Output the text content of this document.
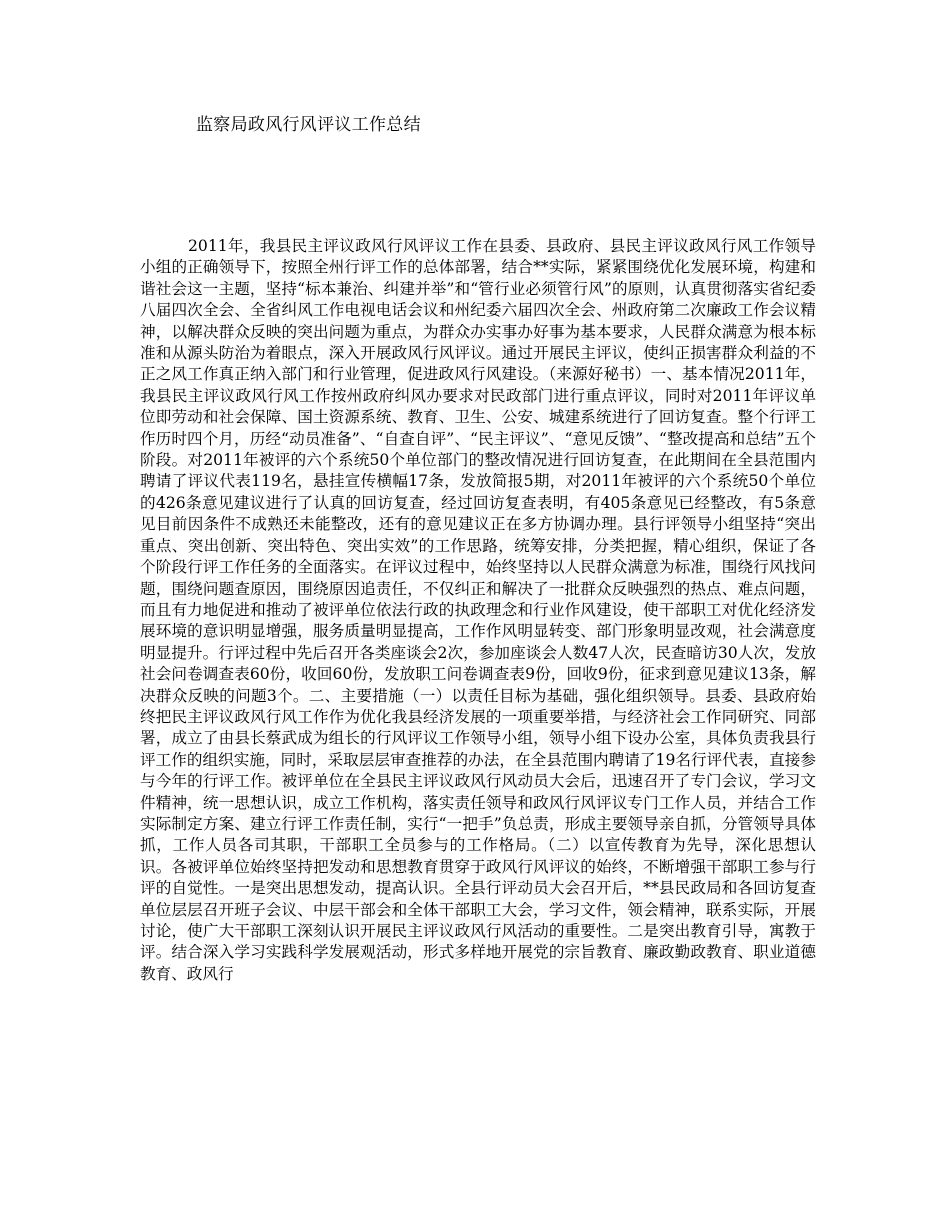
监察局政风行风评议工作总结

2011年，我县民主评议政风行风评议工作在县委、县政府、县民主评议政风行风工作领导小组的正确领导下，按照全州行评工作的总体部署，结合**实际，紧紧围绕优化发展环境，构建和谐社会这一主题，坚持“标本兼治、纠建并举”和“管行业必须管行风”的原则，认真贯彻落实省纪委八届四次全会、全省纠风工作电视电话会议和州纪委六届四次全会、州政府第二次廉政工作会议精神，以解决群众反映的突出问题为重点，为群众办实事办好事为基本要求，人民群众满意为根本标准和从源头防治为着眼点，深入开展政风行风评议。通过开展民主评议，使纠正损害群众利益的不正之风工作真正纳入部门和行业管理，促进政风行风建设。（来源好秘书）一、基本情况2011年，我县民主评议政风行风工作按州政府纠风办要求对民政部门进行重点评议，同时对2011年评议单位即劳动和社会保障、国土资源系统、教育、卫生、公安、城建系统进行了回访复查。整个行评工作历时四个月，历经“动员准备”、“自查自评”、“民主评议”、“意见反馈”、“整改提高和总结”五个阶段。对2011年被评的六个系统50个单位部门的整改情况进行回访复查，在此期间在全县范围内聘请了评议代表119名，悬挂宣传横幅17条，发放简报5期，对2011年被评的六个系统50个单位的426条意见建议进行了认真的回访复查，经过回访复查表明，有405条意见已经整改，有5条意见目前因条件不成熟还未能整改，还有的意见建议正在多方协调办理。县行评领导小组坚持“突出重点、突出创新、突出特色、突出实效”的工作思路，统筹安排，分类把握，精心组织，保证了各个阶段行评工作任务的全面落实。在评议过程中，始终坚持以人民群众满意为标准，围绕行风找问题，围绕问题查原因，围绕原因追责任，不仅纠正和解决了一批群众反映强烈的热点、难点问题，而且有力地促进和推动了被评单位依法行政的执政理念和行业作风建设，使干部职工对优化经济发展环境的意识明显增强，服务质量明显提高，工作作风明显转变、部门形象明显改观，社会满意度明显提升。行评过程中先后召开各类座谈会2次，参加座谈会人数47人次，民查暗访30人次，发放社会问卷调查表60份，收回60份，发放职工问卷调查表9份，回收9份，征求到意见建议13条，解决群众反映的问题3个。二、主要措施（一）以责任目标为基础，强化组织领导。县委、县政府始终把民主评议政风行风工作作为优化我县经济发展的一项重要举措，与经济社会工作同研究、同部署，成立了由县长蔡武成为组长的行风评议工作领导小组，领导小组下设办公室，具体负责我县行评工作的组织实施，同时，采取层层审查推荐的办法，在全县范围内聘请了19名行评代表，直接参与今年的行评工作。被评单位在全县民主评议政风行风动员大会后，迅速召开了专门会议，学习文件精神，统一思想认识，成立工作机构，落实责任领导和政风行风评议专门工作人员，并结合工作实际制定方案、建立行评工作责任制，实行“一把手”负总责，形成主要领导亲自抓，分管领导具体抓，工作人员各司其职，干部职工全员参与的工作格局。（二）以宣传教育为先导，深化思想认识。各被评单位始终坚持把发动和思想教育贯穿于政风行风评议的始终，不断增强干部职工参与行评的自觉性。一是突出思想发动，提高认识。全县行评动员大会召开后，**县民政局和各回访复查单位层层召开班子会议、中层干部会和全体干部职工大会，学习文件，领会精神，联系实际，开展讨论，使广大干部职工深刻认识开展民主评议政风行风活动的重要性。二是突出教育引导，寓教于评。结合深入学习实践科学发展观活动，形式多样地开展党的宗旨教育、廉政勤政教育、职业道德教育、政风行
